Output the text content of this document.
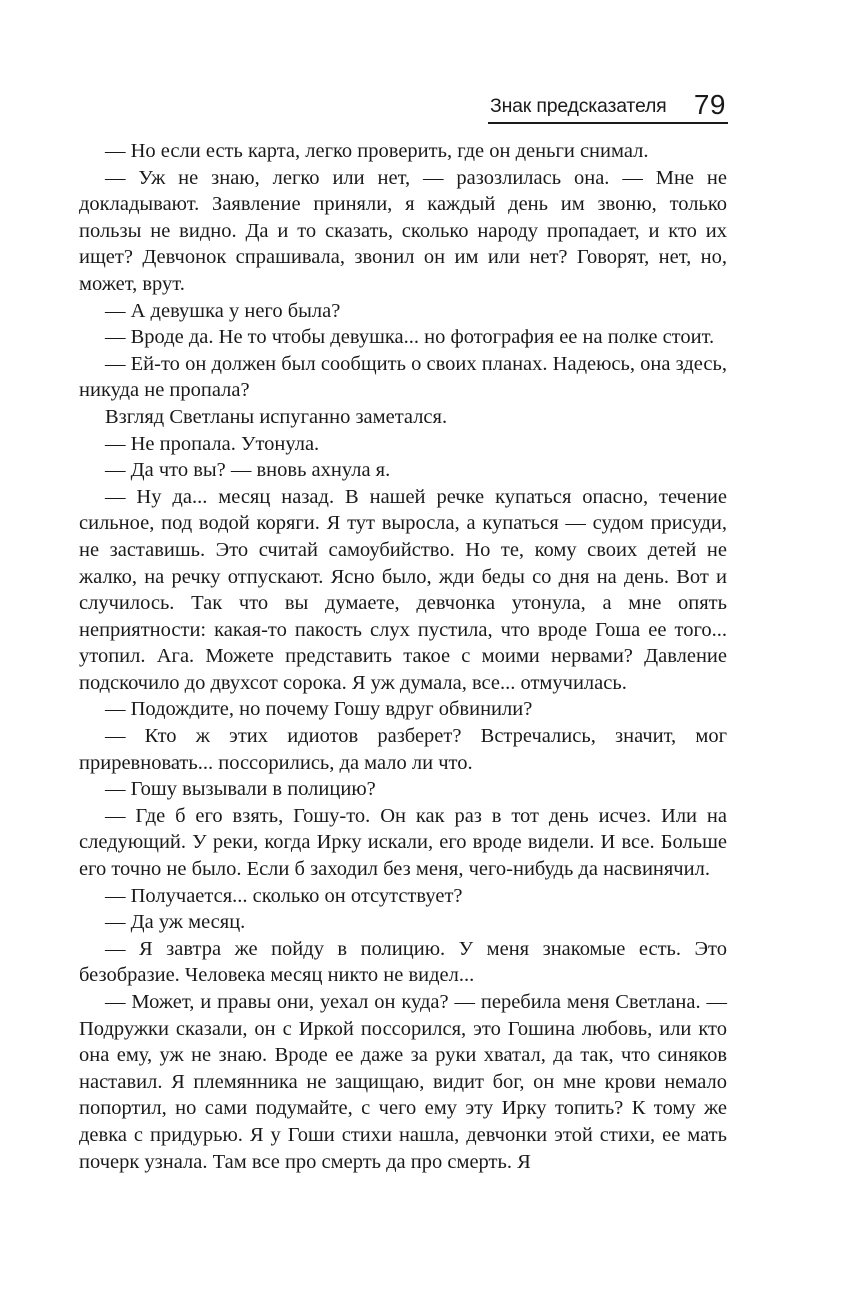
Знак предсказателя 79

— Но если есть карта, легко проверить, где он деньги снимал.

— Уж не знаю, легко или нет, — разозлилась она. — Мне не докладывают. Заявление приняли, я каждый день им звоню, только пользы не видно. Да и то сказать, сколько народу пропадает, и кто их ищет? Девчонок спрашивала, звонил он им или нет? Говорят, нет, но, может, врут.

— А девушка у него была?

— Вроде да. Не то чтобы девушка... но фотография ее на полке стоит.

— Ей-то он должен был сообщить о своих планах. Надеюсь, она здесь, никуда не пропала?

Взгляд Светланы испуганно заметался.

— Не пропала. Утонула.

— Да что вы? — вновь ахнула я.

— Ну да... месяц назад. В нашей речке купаться опасно, течение сильное, под водой коряги. Я тут выросла, а купаться — судом присуди, не заставишь. Это считай самоубийство. Но те, кому своих детей не жалко, на речку отпускают. Ясно было, жди беды со дня на день. Вот и случилось. Так что вы думаете, девчонка утонула, а мне опять неприятности: какая-то пакость слух пустила, что вроде Гоша ее того... утопил. Ага. Можете представить такое с моими нервами? Давление подскочило до двухсот сорока. Я уж думала, все... отмучилась.

— Подождите, но почему Гошу вдруг обвинили?

— Кто ж этих идиотов разберет? Встречались, значит, мог приревновать... поссорились, да мало ли что.

— Гошу вызывали в полицию?

— Где б его взять, Гошу-то. Он как раз в тот день исчез. Или на следующий. У реки, когда Ирку искали, его вроде видели. И все. Больше его точно не было. Если б заходил без меня, чего-нибудь да насвинячил.

— Получается... сколько он отсутствует?

— Да уж месяц.

— Я завтра же пойду в полицию. У меня знакомые есть. Это безобразие. Человека месяц никто не видел...

— Может, и правы они, уехал он куда? — перебила меня Светлана. — Подружки сказали, он с Иркой поссорился, это Гошина любовь, или кто она ему, уж не знаю. Вроде ее даже за руки хватал, да так, что синяков наставил. Я племянника не защищаю, видит бог, он мне крови немало попортил, но сами подумайте, с чего ему эту Ирку топить? К тому же девка с придурью. Я у Гоши стихи нашла, девчонки этой стихи, ее мать почерк узнала. Там все про смерть да про смерть. Я
